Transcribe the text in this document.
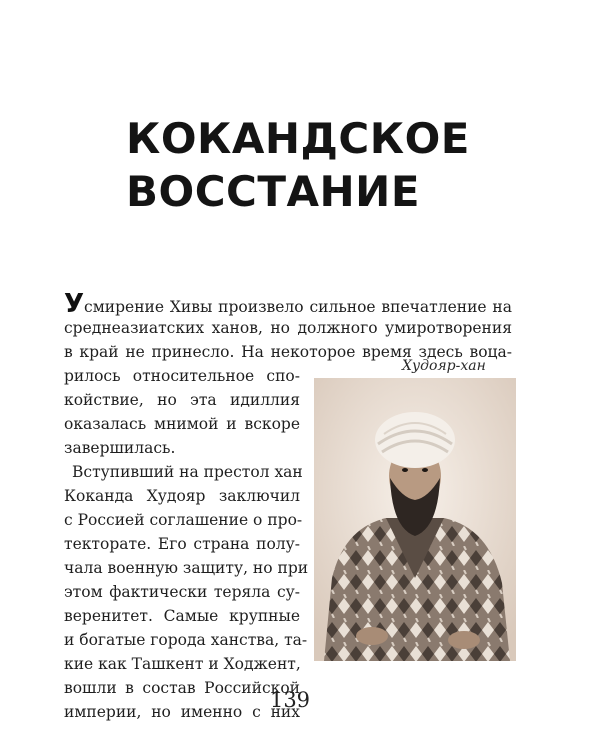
КОКАНДСКОЕ
ВОССТАНИЕ
Усмирение Хивы произвело сильное впечатление на
среднеазиатских ханов, но должного умиротворения
в край не принесло. На некоторое время здесь воца-
рилось относительное спо-
койствие, но эта идиллия
оказалась мнимой и вскоре
завершилась.
Вступивший на престол хан
Коканда Худояр заключил
с Россией соглашение о про-
текторате. Его страна полу-
чала военную защиту, но при
этом фактически теряла су-
веренитет. Самые крупные
и богатые города ханства, та-
кие как Ташкент и Ходжент,
вошли в состав Российской
империи, но именно с них
Худояр-хан
139
